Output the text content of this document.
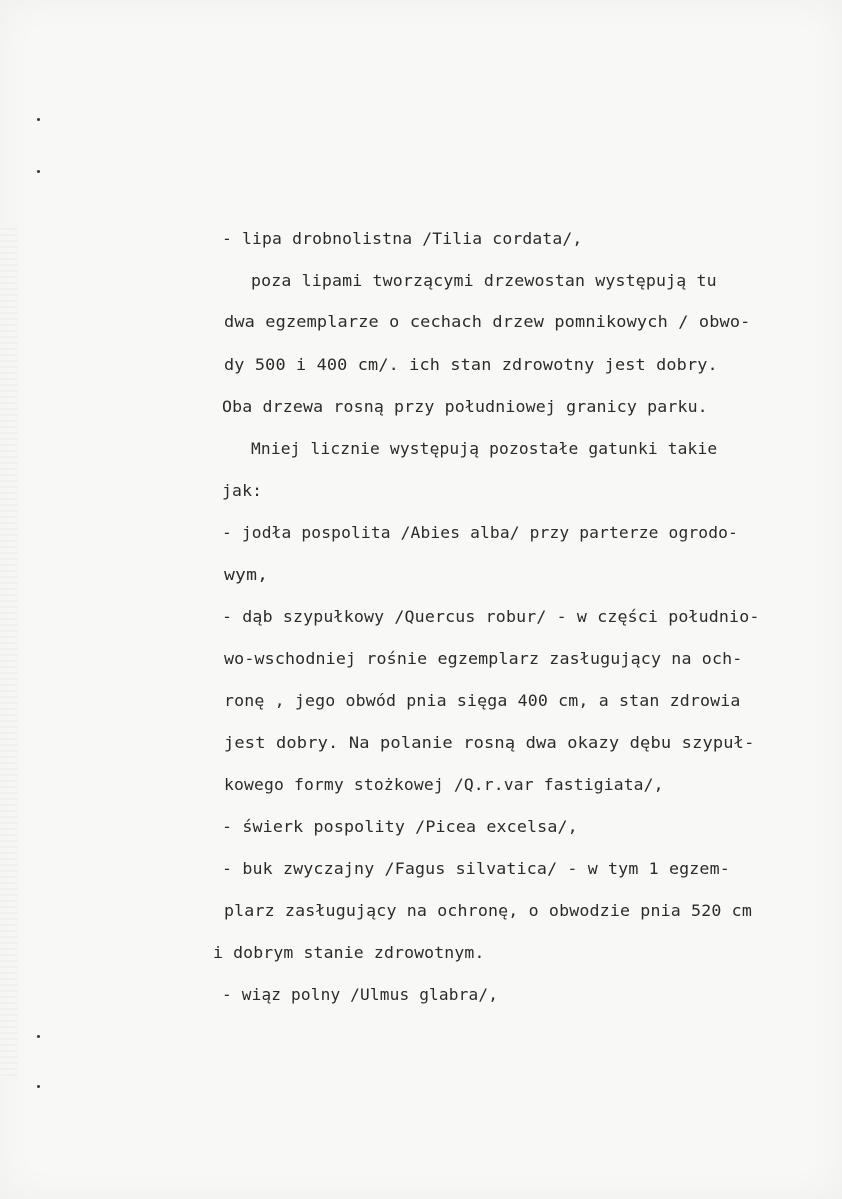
- lipa drobnolistna /Tilia cordata/,
poza lipami tworzącymi drzewostan występują tu
dwa egzemplarze o cechach drzew pomnikowych / obwo-
dy 500 i 400 cm/. ich stan zdrowotny jest dobry.
Oba drzewa rosną przy południowej granicy parku.
Mniej licznie występują pozostałe gatunki takie
jak:
- jodła pospolita /Abies alba/ przy parterze ogrodo-
wym,
- dąb szypułkowy /Quercus robur/ - w części południo-
wo-wschodniej rośnie egzemplarz zasługujący na och-
ronę , jego obwód pnia sięga 400 cm, a stan zdrowia
jest dobry. Na polanie rosną dwa okazy dębu szypuł-
kowego formy stożkowej /Q.r.var fastigiata/,
- świerk pospolity /Picea excelsa/,
- buk zwyczajny /Fagus silvatica/ - w tym 1 egzem-
plarz zasługujący na ochronę, o obwodzie pnia 520 cm
i dobrym stanie zdrowotnym.
- wiąz polny /Ulmus glabra/,
